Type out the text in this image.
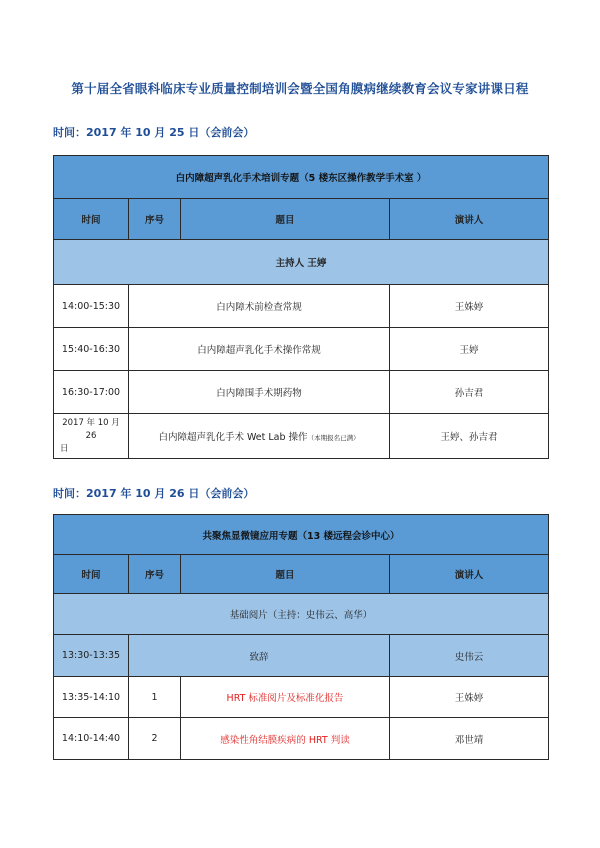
第十届全省眼科临床专业质量控制培训会暨全国角膜病继续教育会议专家讲课日程
时间：2017 年 10 月 25 日（会前会）
白内障超声乳化手术培训专题（5 楼东区操作教学手术室 ）			
时间	序号	题目	演讲人
主持人 王婷			
14:00-15:30	白内障术前检查常规		王姝婷
15:40-16:30	白内障超声乳化手术操作常规		王婷
16:30-17:00	白内障围手术期药物		孙吉君

2017 年 10 月 26
日	白内障超声乳化手术 Wet Lab 操作（本期报名已满）		王婷、孙吉君
时间：2017 年 10 月 26 日（会前会）
共聚焦显微镜应用专题（13 楼远程会诊中心）			
时间	序号	题目	演讲人
基础阅片（主持：史伟云、高华）			
13:30-13:35	致辞		史伟云
13:35-14:10	1	HRT 标准阅片及标准化报告	王姝婷
14:10-14:40	2	感染性角结膜疾病的 HRT 判读	邓世靖
